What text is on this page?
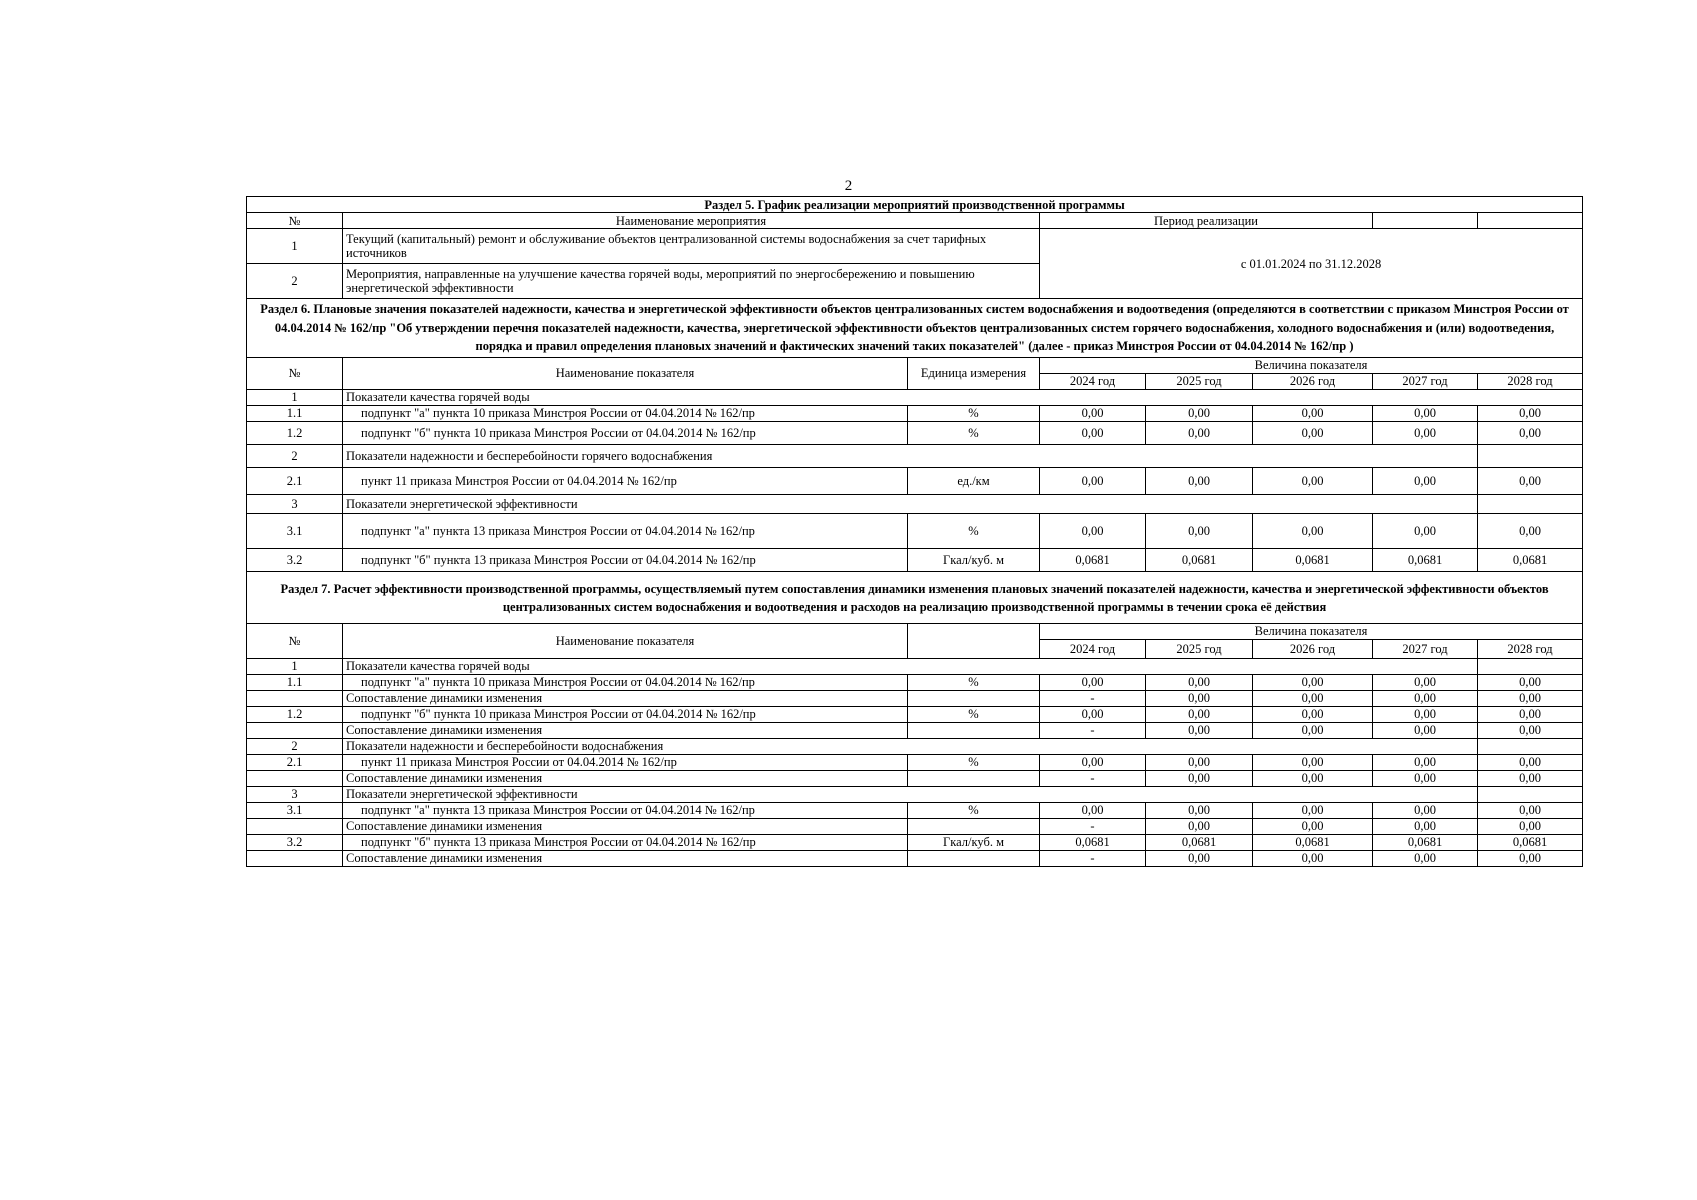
2
Раздел 5. График реализации мероприятий производственной программы							
№	Наименование мероприятия		Период реализации				
1	Текущий (капитальный) ремонт и обслуживание объектов централизованной системы водоснабжения за счет тарифных источников		с 01.01.2024 по 31.12.2028				
2	Мероприятия, направленные на улучшение качества горячей воды, мероприятий по энергосбережению и повышению энергетической эффективности						
Раздел 6. Плановые значения показателей надежности, качества и энергетической эффективности объектов централизованных систем водоснабжения и водоотведения (определяются в соответствии с приказом Минстроя России от 04.04.2014 № 162/пр "Об утверждении перечня показателей надежности, качества, энергетической эффективности объектов централизованных систем горячего водоснабжения, холодного водоснабжения и (или) водоотведения, порядка и правил определения плановых значений и фактических значений таких показателей" (далее - приказ Минстроя России от 04.04.2014 № 162/пр )							
№	Наименование показателя	Единица измерения	Величина показателя				
			2024 год	2025 год	2026 год	2027 год	2028 год
1	Показатели качества горячей воды						
1.1	подпункт "а" пункта 10 приказа Минстроя России от 04.04.2014 № 162/пр	%	0,00	0,00	0,00	0,00	0,00
1.2	подпункт "б" пункта 10 приказа Минстроя России от 04.04.2014 № 162/пр	%	0,00	0,00	0,00	0,00	0,00
2	Показатели надежности и бесперебойности горячего водоснабжения						
2.1	пункт 11 приказа Минстроя России от 04.04.2014 № 162/пр	ед./км	0,00	0,00	0,00	0,00	0,00
3	Показатели энергетической эффективности						
3.1	подпункт "а" пункта 13 приказа Минстроя России от 04.04.2014 № 162/пр	%	0,00	0,00	0,00	0,00	0,00
3.2	подпункт "б" пункта 13 приказа Минстроя России от 04.04.2014 № 162/пр	Гкал/куб. м	0,0681	0,0681	0,0681	0,0681	0,0681
Раздел 7. Расчет эффективности производственной программы, осуществляемый путем сопоставления динамики изменения плановых значений показателей надежности, качества и энергетической эффективности объектов централизованных систем водоснабжения и водоотведения и расходов на реализацию производственной программы в течении срока её действия							
№	Наименование показателя		Величина показателя				
			2024 год	2025 год	2026 год	2027 год	2028 год
1	Показатели качества горячей воды						
1.1	подпункт "а" пункта 10 приказа Минстроя России от 04.04.2014 № 162/пр	%	0,00	0,00	0,00	0,00	0,00
	Сопоставление динамики изменения		-	0,00	0,00	0,00	0,00
1.2	подпункт "б" пункта 10 приказа Минстроя России от 04.04.2014 № 162/пр	%	0,00	0,00	0,00	0,00	0,00
	Сопоставление динамики изменения		-	0,00	0,00	0,00	0,00
2	Показатели надежности и бесперебойности водоснабжения						
2.1	пункт 11 приказа Минстроя России от 04.04.2014 № 162/пр	%	0,00	0,00	0,00	0,00	0,00
	Сопоставление динамики изменения		-	0,00	0,00	0,00	0,00
3	Показатели энергетической эффективности						
3.1	подпункт "а" пункта 13 приказа Минстроя России от 04.04.2014 № 162/пр	%	0,00	0,00	0,00	0,00	0,00
	Сопоставление динамики изменения		-	0,00	0,00	0,00	0,00
3.2	подпункт "б" пункта 13 приказа Минстроя России от 04.04.2014 № 162/пр	Гкал/куб. м	0,0681	0,0681	0,0681	0,0681	0,0681
	Сопоставление динамики изменения		-	0,00	0,00	0,00	0,00
